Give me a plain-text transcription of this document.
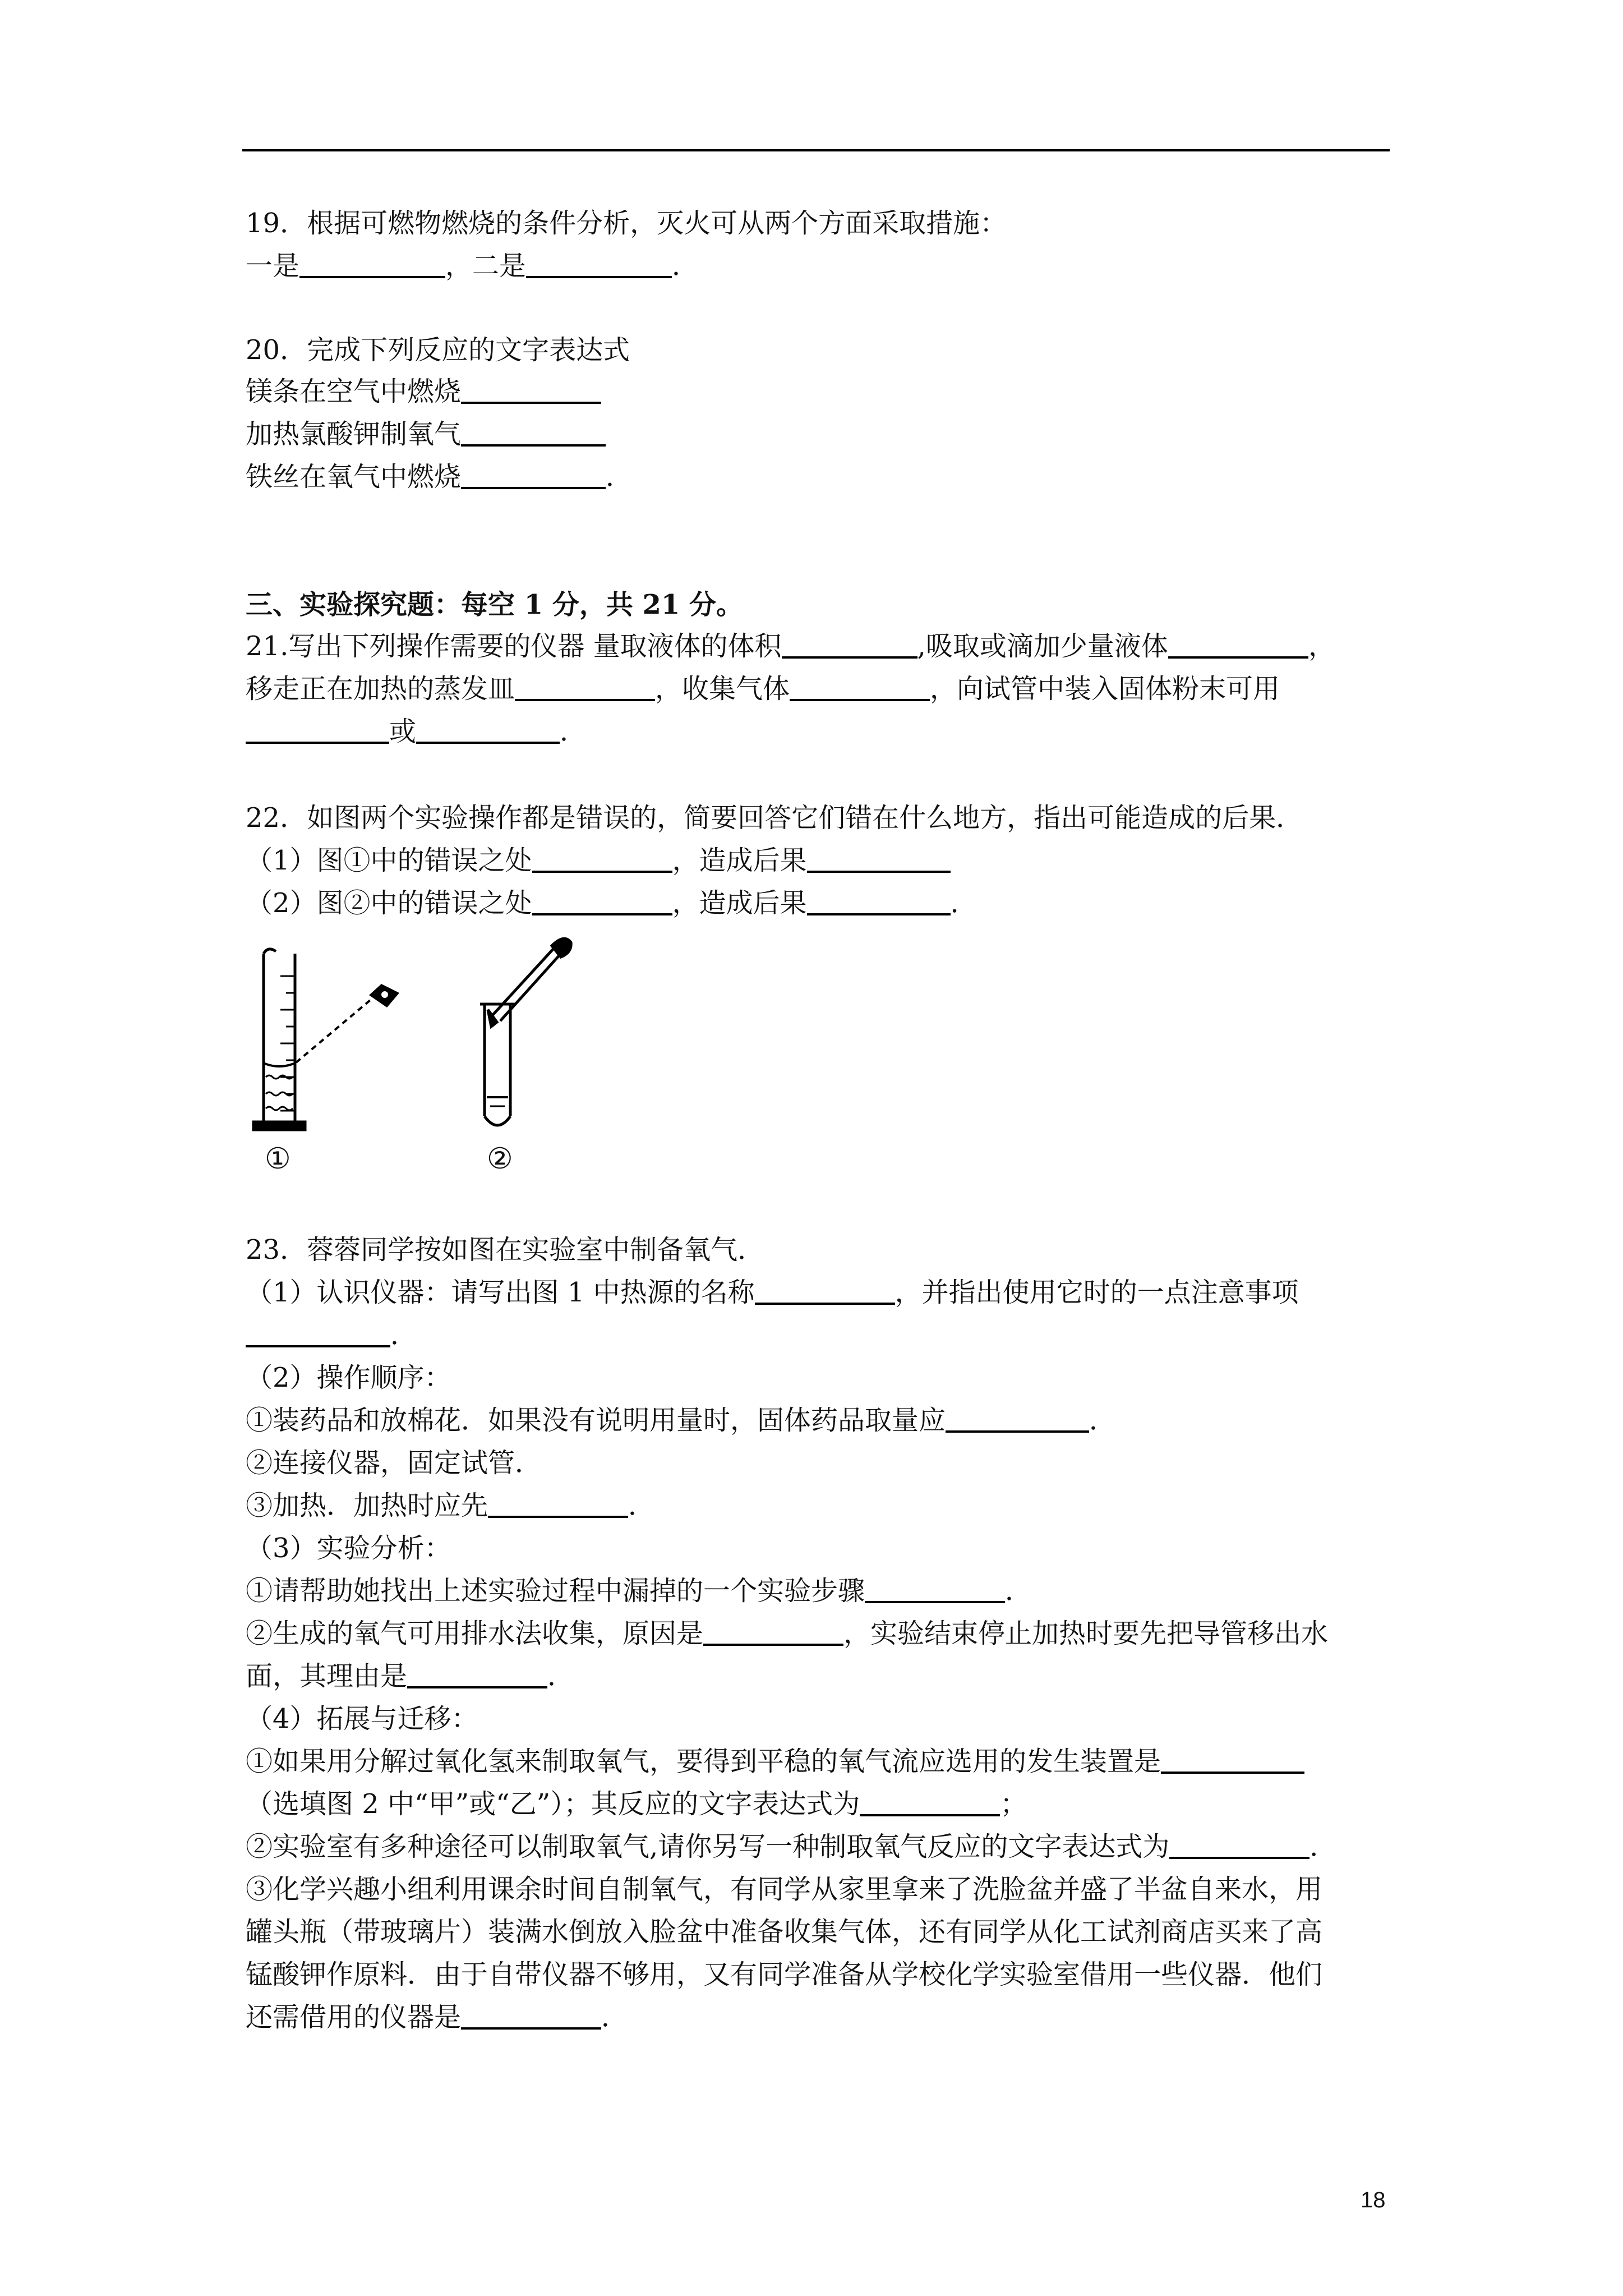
19．根据可燃物燃烧的条件分析，灭火可从两个方面采取措施：
一是	，二是	．
20．完成下列反应的文字表达式
镁条在空气中燃烧
加热氯酸钾制氧气
铁丝在氧气中燃烧	．
三、实验探究题：每空 1 分，共 21 分。
21.写出下列操作需要的仪器 量取液体的体积	,吸取或滴加少量液体	，
移走正在加热的蒸发皿	，收集气体	，向试管中装入固体粉末可用
或	．
22．如图两个实验操作都是错误的，简要回答它们错在什么地方，指出可能造成的后果．
（1）图①中的错误之处	，造成后果
（2）图②中的错误之处	，造成后果	．
①	②
23．蓉蓉同学按如图在实验室中制备氧气．
（1）认识仪器：请写出图 1 中热源的名称	，并指出使用它时的一点注意事项
．
（2）操作顺序：
①装药品和放棉花．如果没有说明用量时，固体药品取量应	．
②连接仪器，固定试管．
③加热．加热时应先	．
（3）实验分析：
①请帮助她找出上述实验过程中漏掉的一个实验步骤	．
②生成的氧气可用排水法收集，原因是	，实验结束停止加热时要先把导管移出水
面，其理由是	．
（4）拓展与迁移：
①如果用分解过氧化氢来制取氧气，要得到平稳的氧气流应选用的发生装置是
（选填图 2 中“甲”或“乙”）；其反应的文字表达式为	；
②实验室有多种途径可以制取氧气,请你另写一种制取氧气反应的文字表达式为	．
③化学兴趣小组利用课余时间自制氧气，有同学从家里拿来了洗脸盆并盛了半盆自来水，用
罐头瓶（带玻璃片）装满水倒放入脸盆中准备收集气体，还有同学从化工试剂商店买来了高
锰酸钾作原料．由于自带仪器不够用，又有同学准备从学校化学实验室借用一些仪器．他们
还需借用的仪器是	．
18
